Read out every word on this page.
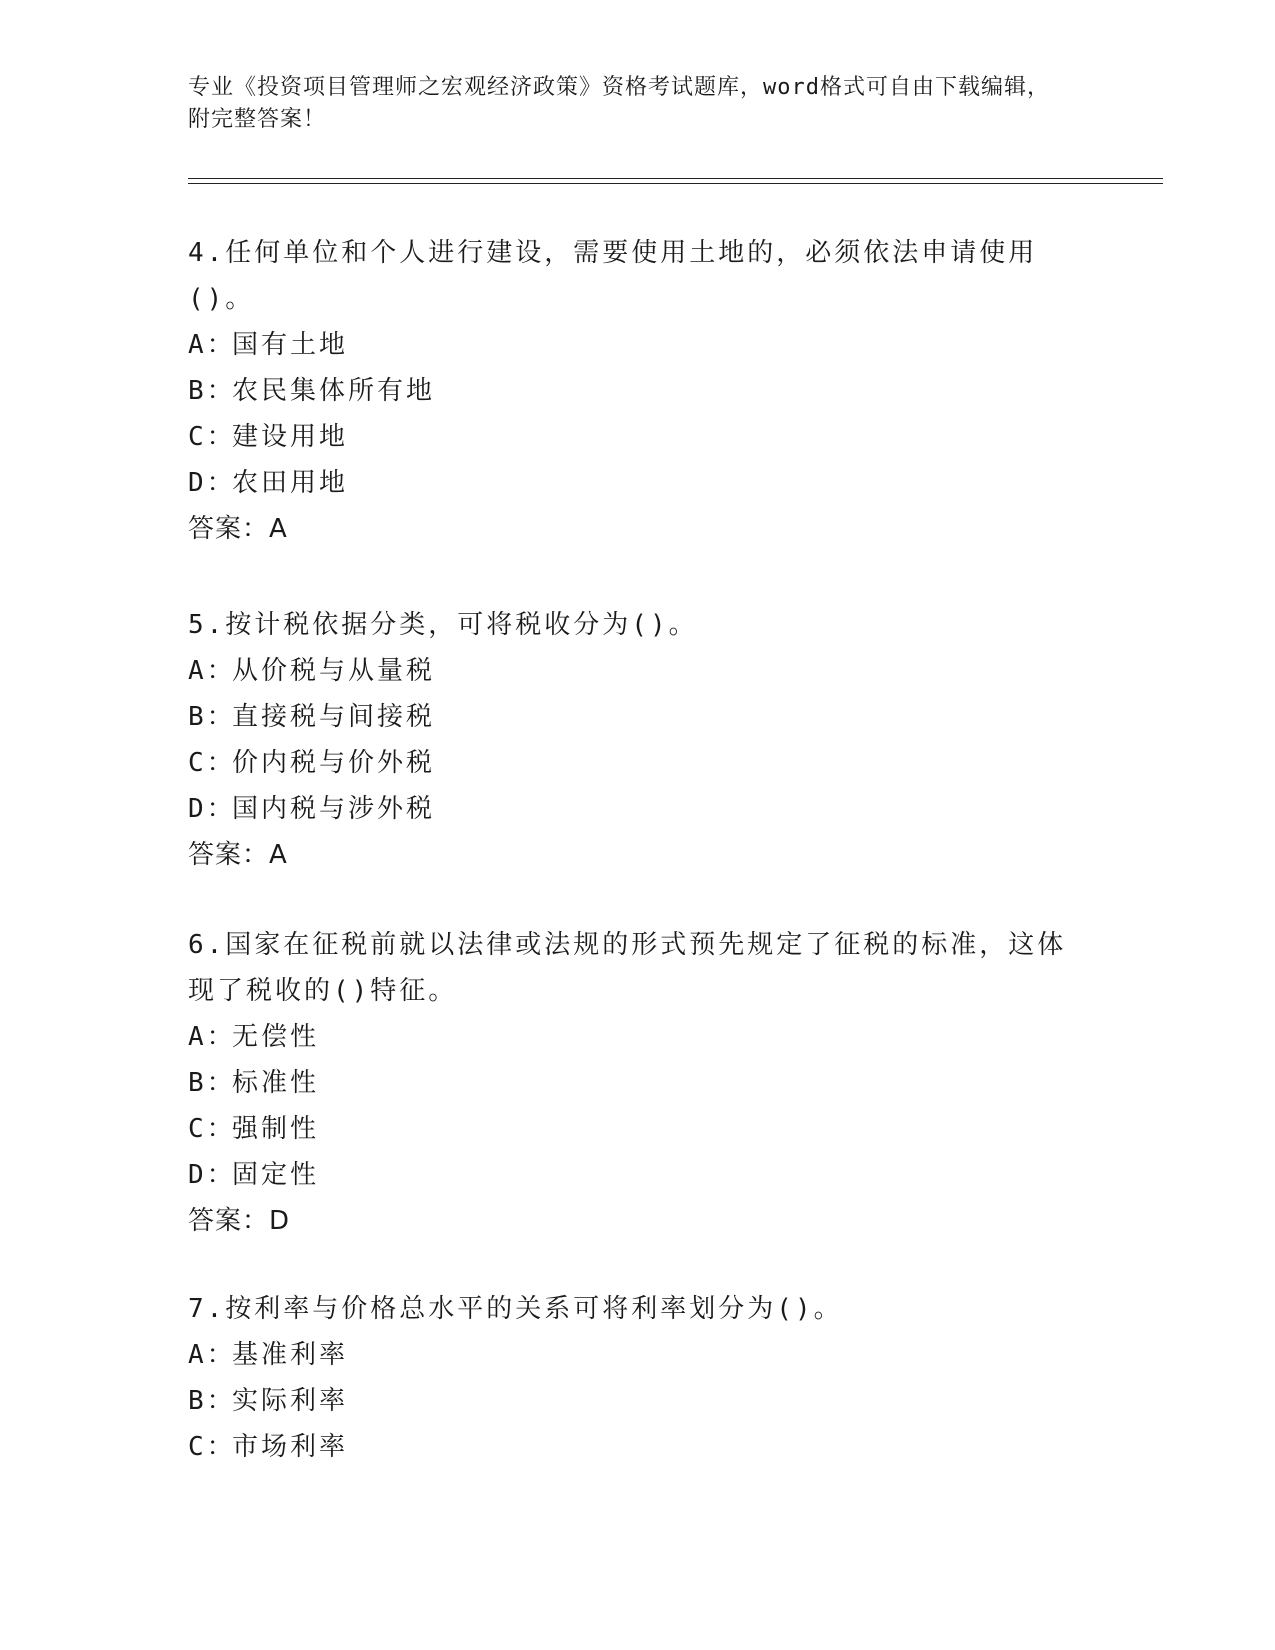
专业《投资项目管理师之宏观经济政策》资格考试题库，word格式可自由下载编辑，附完整答案！

4.任何单位和个人进行建设，需要使用土地的，必须依法申请使用()。

A：国有土地

B：农民集体所有地

C：建设用地

D：农田用地

答案：A

5.按计税依据分类，可将税收分为()。

A：从价税与从量税

B：直接税与间接税

C：价内税与价外税

D：国内税与涉外税

答案：A

6.国家在征税前就以法律或法规的形式预先规定了征税的标准，这体现了税收的()特征。

A：无偿性

B：标准性

C：强制性

D：固定性

答案：D

7.按利率与价格总水平的关系可将利率划分为()。

A：基准利率

B：实际利率

C：市场利率
